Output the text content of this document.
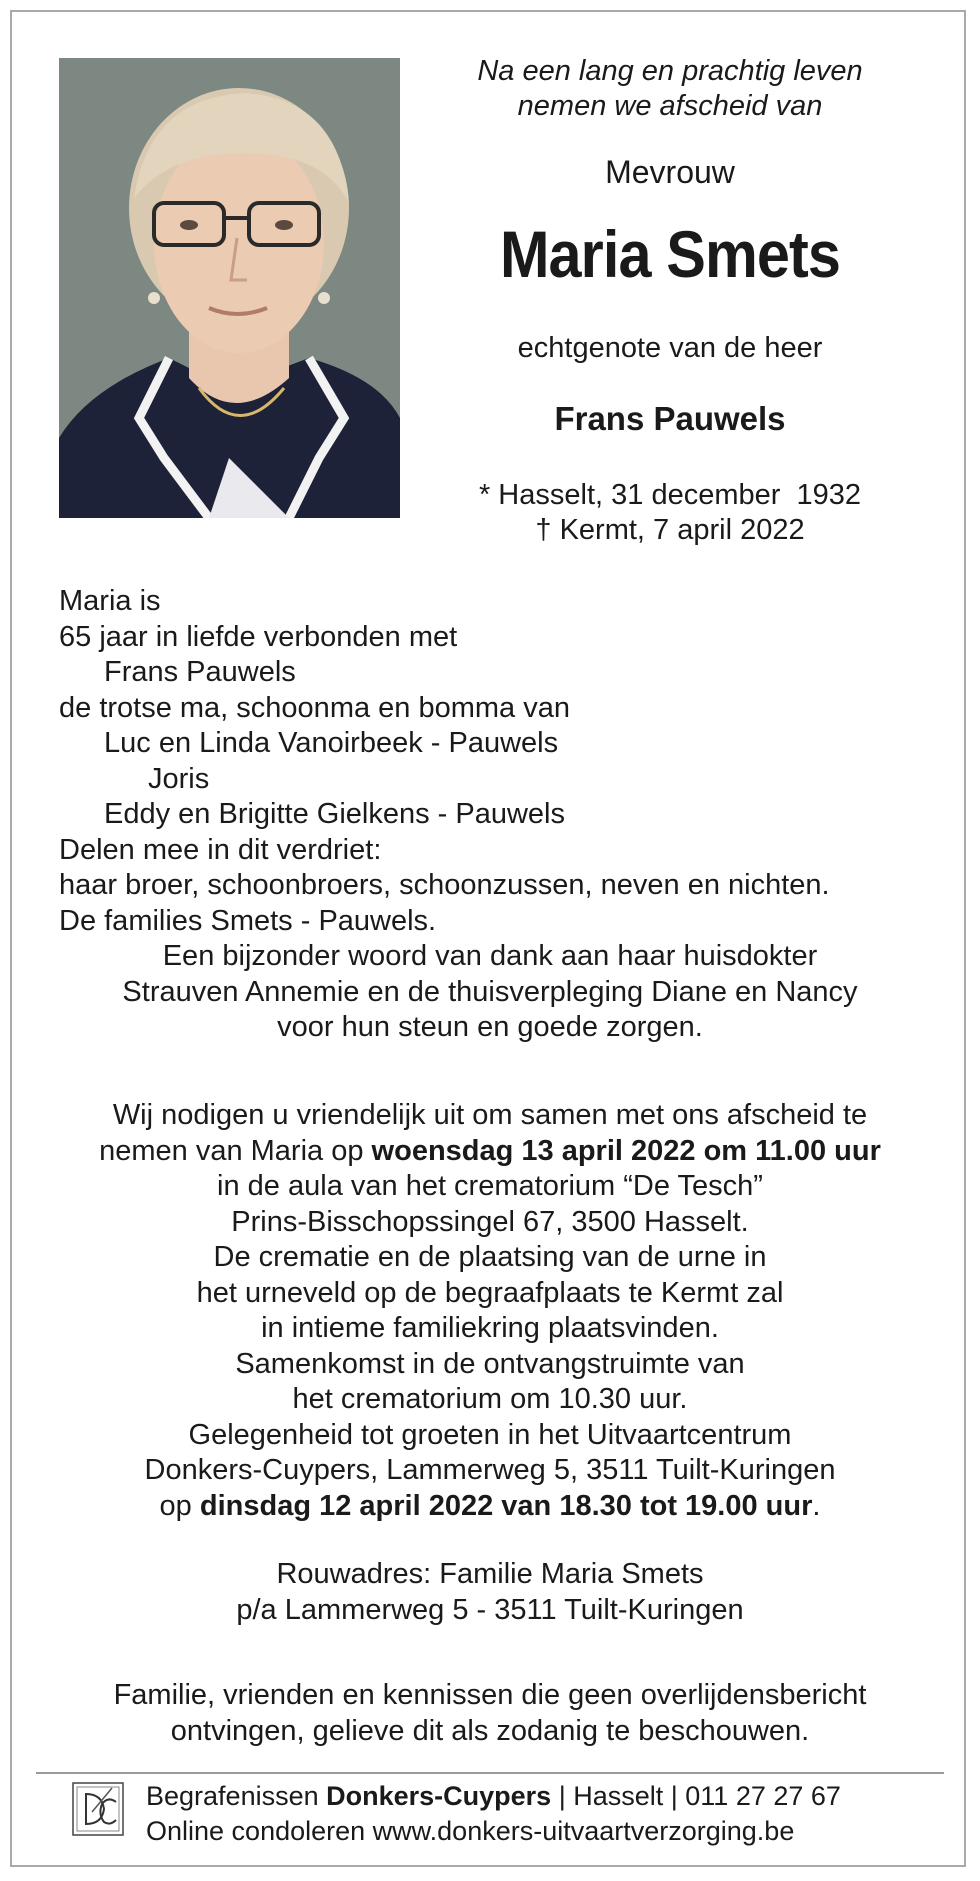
Na een lang en prachtig leven
nemen we afscheid van
Mevrouw
Maria Smets
echtgenote van de heer
Frans Pauwels
* Hasselt, 31 december  1932
† Kermt, 7 april 2022
Maria is
65 jaar in liefde verbonden met
Frans Pauwels
de trotse ma, schoonma en bomma van
Luc en Linda Vanoirbeek - Pauwels
Joris
Eddy en Brigitte Gielkens - Pauwels
Delen mee in dit verdriet:
haar broer, schoonbroers, schoonzussen, neven en nichten.
De families Smets - Pauwels.
Een bijzonder woord van dank aan haar huisdokter
Strauven Annemie en de thuisverpleging Diane en Nancy
voor hun steun en goede zorgen.
Wij nodigen u vriendelijk uit om samen met ons afscheid te
nemen van Maria op woensdag 13 april 2022 om 11.00 uur
in de aula van het crematorium “De Tesch”
Prins-Bisschopssingel 67, 3500 Hasselt.
De crematie en de plaatsing van de urne in
het urneveld op de begraafplaats te Kermt zal
in intieme familiekring plaatsvinden.
Samenkomst in de ontvangstruimte van
het crematorium om 10.30 uur.
Gelegenheid tot groeten in het Uitvaartcentrum
Donkers-Cuypers, Lammerweg 5, 3511 Tuilt-Kuringen
op dinsdag 12 april 2022 van 18.30 tot 19.00 uur.
Rouwadres: Familie Maria Smets
p/a Lammerweg 5 - 3511 Tuilt-Kuringen
Familie, vrienden en kennissen die geen overlijdensbericht
ontvingen, gelieve dit als zodanig te beschouwen.
Begrafenissen Donkers-Cuypers | Hasselt | 011 27 27 67
Online condoleren www.donkers-uitvaartverzorging.be
